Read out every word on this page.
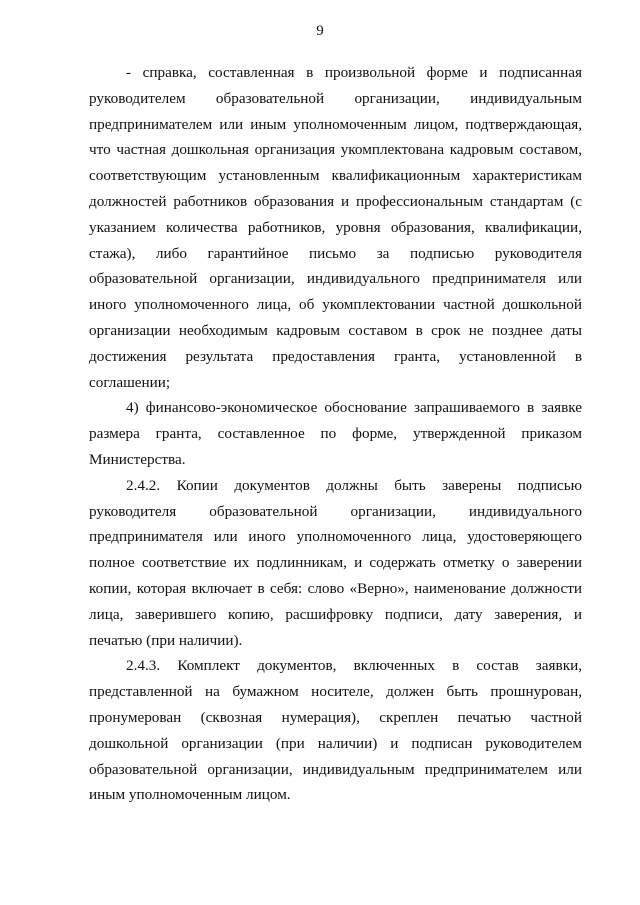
9

- справка, составленная в произвольной форме и подписанная руководителем образовательной организации, индивидуальным предпринимателем или иным уполномоченным лицом, подтверждающая, что частная дошкольная организация укомплектована кадровым составом, соответствующим установленным квалификационным характеристикам должностей работников образования и профессиональным стандартам (с указанием количества работников, уровня образования, квалификации, стажа), либо гарантийное письмо за подписью руководителя образовательной организации, индивидуального предпринимателя или иного уполномоченного лица, об укомплектовании частной дошкольной организации необходимым кадровым составом в срок не позднее даты достижения результата предоставления гранта, установленной в соглашении;

4) финансово-экономическое обоснование запрашиваемого в заявке размера гранта, составленное по форме, утвержденной приказом Министерства.

2.4.2. Копии документов должны быть заверены подписью руководителя образовательной организации, индивидуального предпринимателя или иного уполномоченного лица, удостоверяющего полное соответствие их подлинникам, и содержать отметку о заверении копии, которая включает в себя: слово «Верно», наименование должности лица, заверившего копию, расшифровку подписи, дату заверения, и печатью (при наличии).

2.4.3. Комплект документов, включенных в состав заявки, представленной на бумажном носителе, должен быть прошнурован, пронумерован (сквозная нумерация), скреплен печатью частной дошкольной организации (при наличии) и подписан руководителем образовательной организации, индивидуальным предпринимателем или иным уполномоченным лицом.
